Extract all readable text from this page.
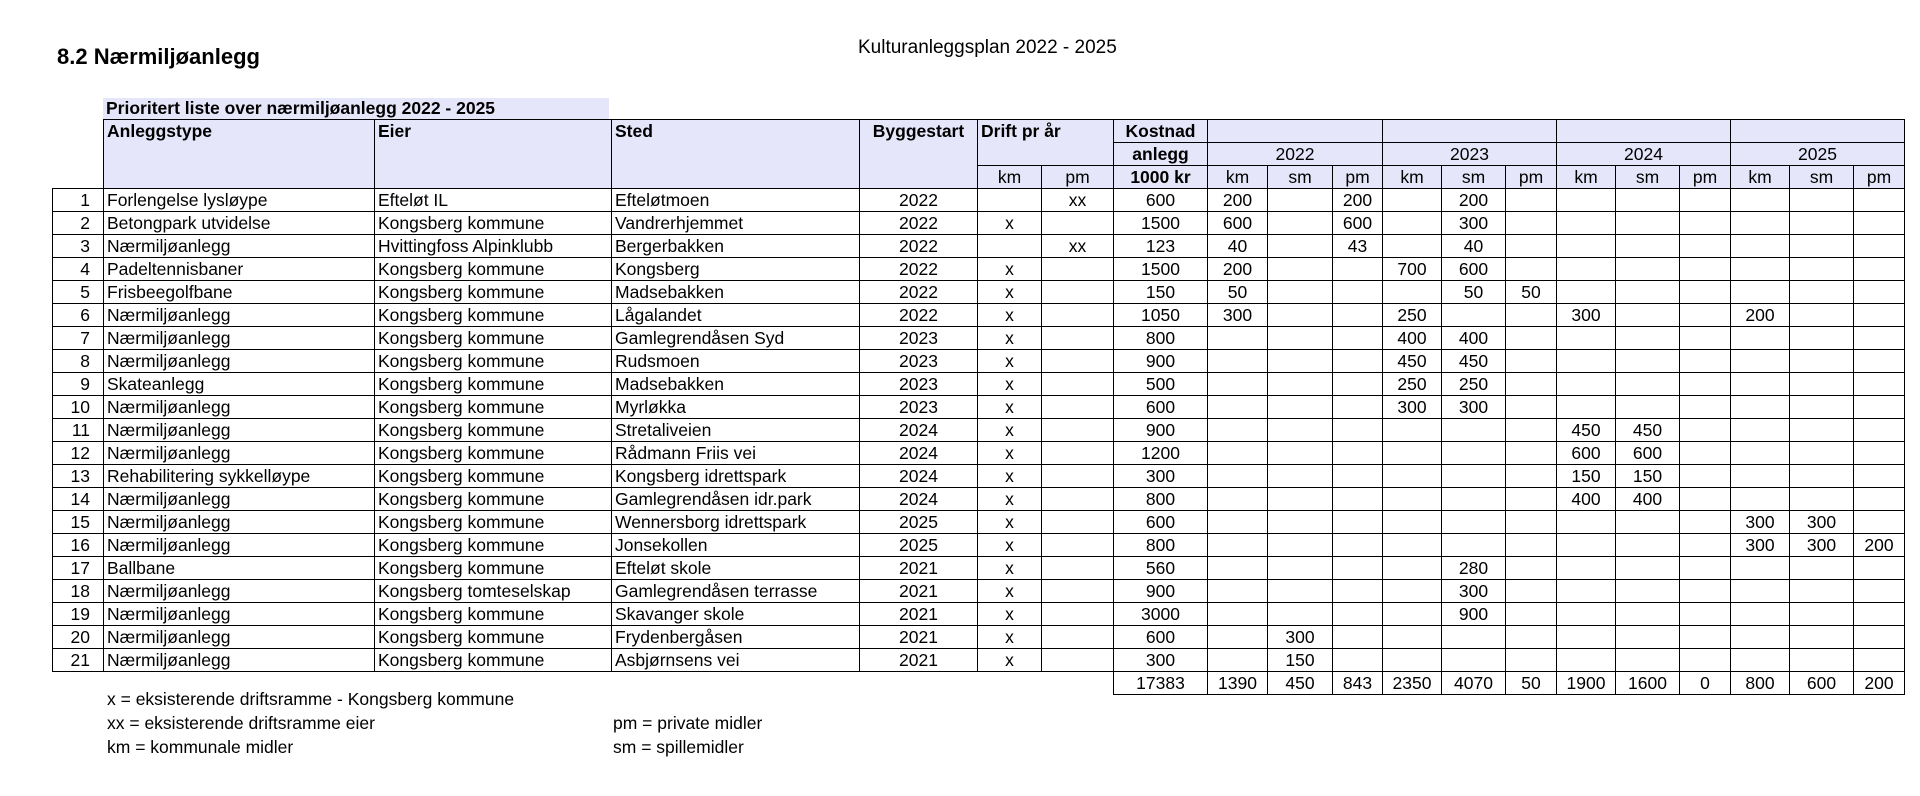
Kulturanleggsplan 2022 - 2025
8.2 Nærmiljøanlegg
Prioritert liste over nærmiljøanlegg 2022 - 2025
	Anleggstype	Eier	Sted	Byggestart	Drift pr år		Kostnad												
							anlegg	2022			2023			2024			2025		
					km	pm	1000 kr	km	sm	pm	km	sm	pm	km	sm	pm	km	sm	pm
1	Forlengelse lysløype	Efteløt IL	Efteløtmoen	2022		xx	600	200		200		200							
2	Betongpark utvidelse	Kongsberg kommune	Vandrerhjemmet	2022	x		1500	600		600		300							
3	Nærmiljøanlegg	Hvittingfoss Alpinklubb	Bergerbakken	2022		xx	123	40		43		40							
4	Padeltennisbaner	Kongsberg kommune	Kongsberg	2022	x		1500	200			700	600							
5	Frisbeegolfbane	Kongsberg kommune	Madsebakken	2022	x		150	50				50	50						
6	Nærmiljøanlegg	Kongsberg kommune	Lågalandet	2022	x		1050	300			250			300			200		
7	Nærmiljøanlegg	Kongsberg kommune	Gamlegrendåsen Syd	2023	x		800				400	400							
8	Nærmiljøanlegg	Kongsberg kommune	Rudsmoen	2023	x		900				450	450							
9	Skateanlegg	Kongsberg kommune	Madsebakken	2023	x		500				250	250							
10	Nærmiljøanlegg	Kongsberg kommune	Myrløkka	2023	x		600				300	300							
11	Nærmiljøanlegg	Kongsberg kommune	Stretaliveien	2024	x		900							450	450				
12	Nærmiljøanlegg	Kongsberg kommune	Rådmann Friis vei	2024	x		1200							600	600				
13	Rehabilitering sykkelløype	Kongsberg kommune	Kongsberg idrettspark	2024	x		300							150	150				
14	Nærmiljøanlegg	Kongsberg kommune	Gamlegrendåsen idr.park	2024	x		800							400	400				
15	Nærmiljøanlegg	Kongsberg kommune	Wennersborg idrettspark	2025	x		600										300	300	
16	Nærmiljøanlegg	Kongsberg kommune	Jonsekollen	2025	x		800										300	300	200
17	Ballbane	Kongsberg kommune	Efteløt skole	2021	x		560					280							
18	Nærmiljøanlegg	Kongsberg tomteselskap	Gamlegrendåsen terrasse	2021	x		900					300							
19	Nærmiljøanlegg	Kongsberg kommune	Skavanger skole	2021	x		3000					900							
20	Nærmiljøanlegg	Kongsberg kommune	Frydenbergåsen	2021	x		600		300										
21	Nærmiljøanlegg	Kongsberg kommune	Asbjørnsens vei	2021	x		300		150										
							17383	1390	450	843	2350	4070	50	1900	1600	0	800	600	200
x = eksisterende driftsramme - Kongsberg kommune
xx = eksisterende driftsramme eier
km = kommunale midler
pm = private midler
sm = spillemidler
